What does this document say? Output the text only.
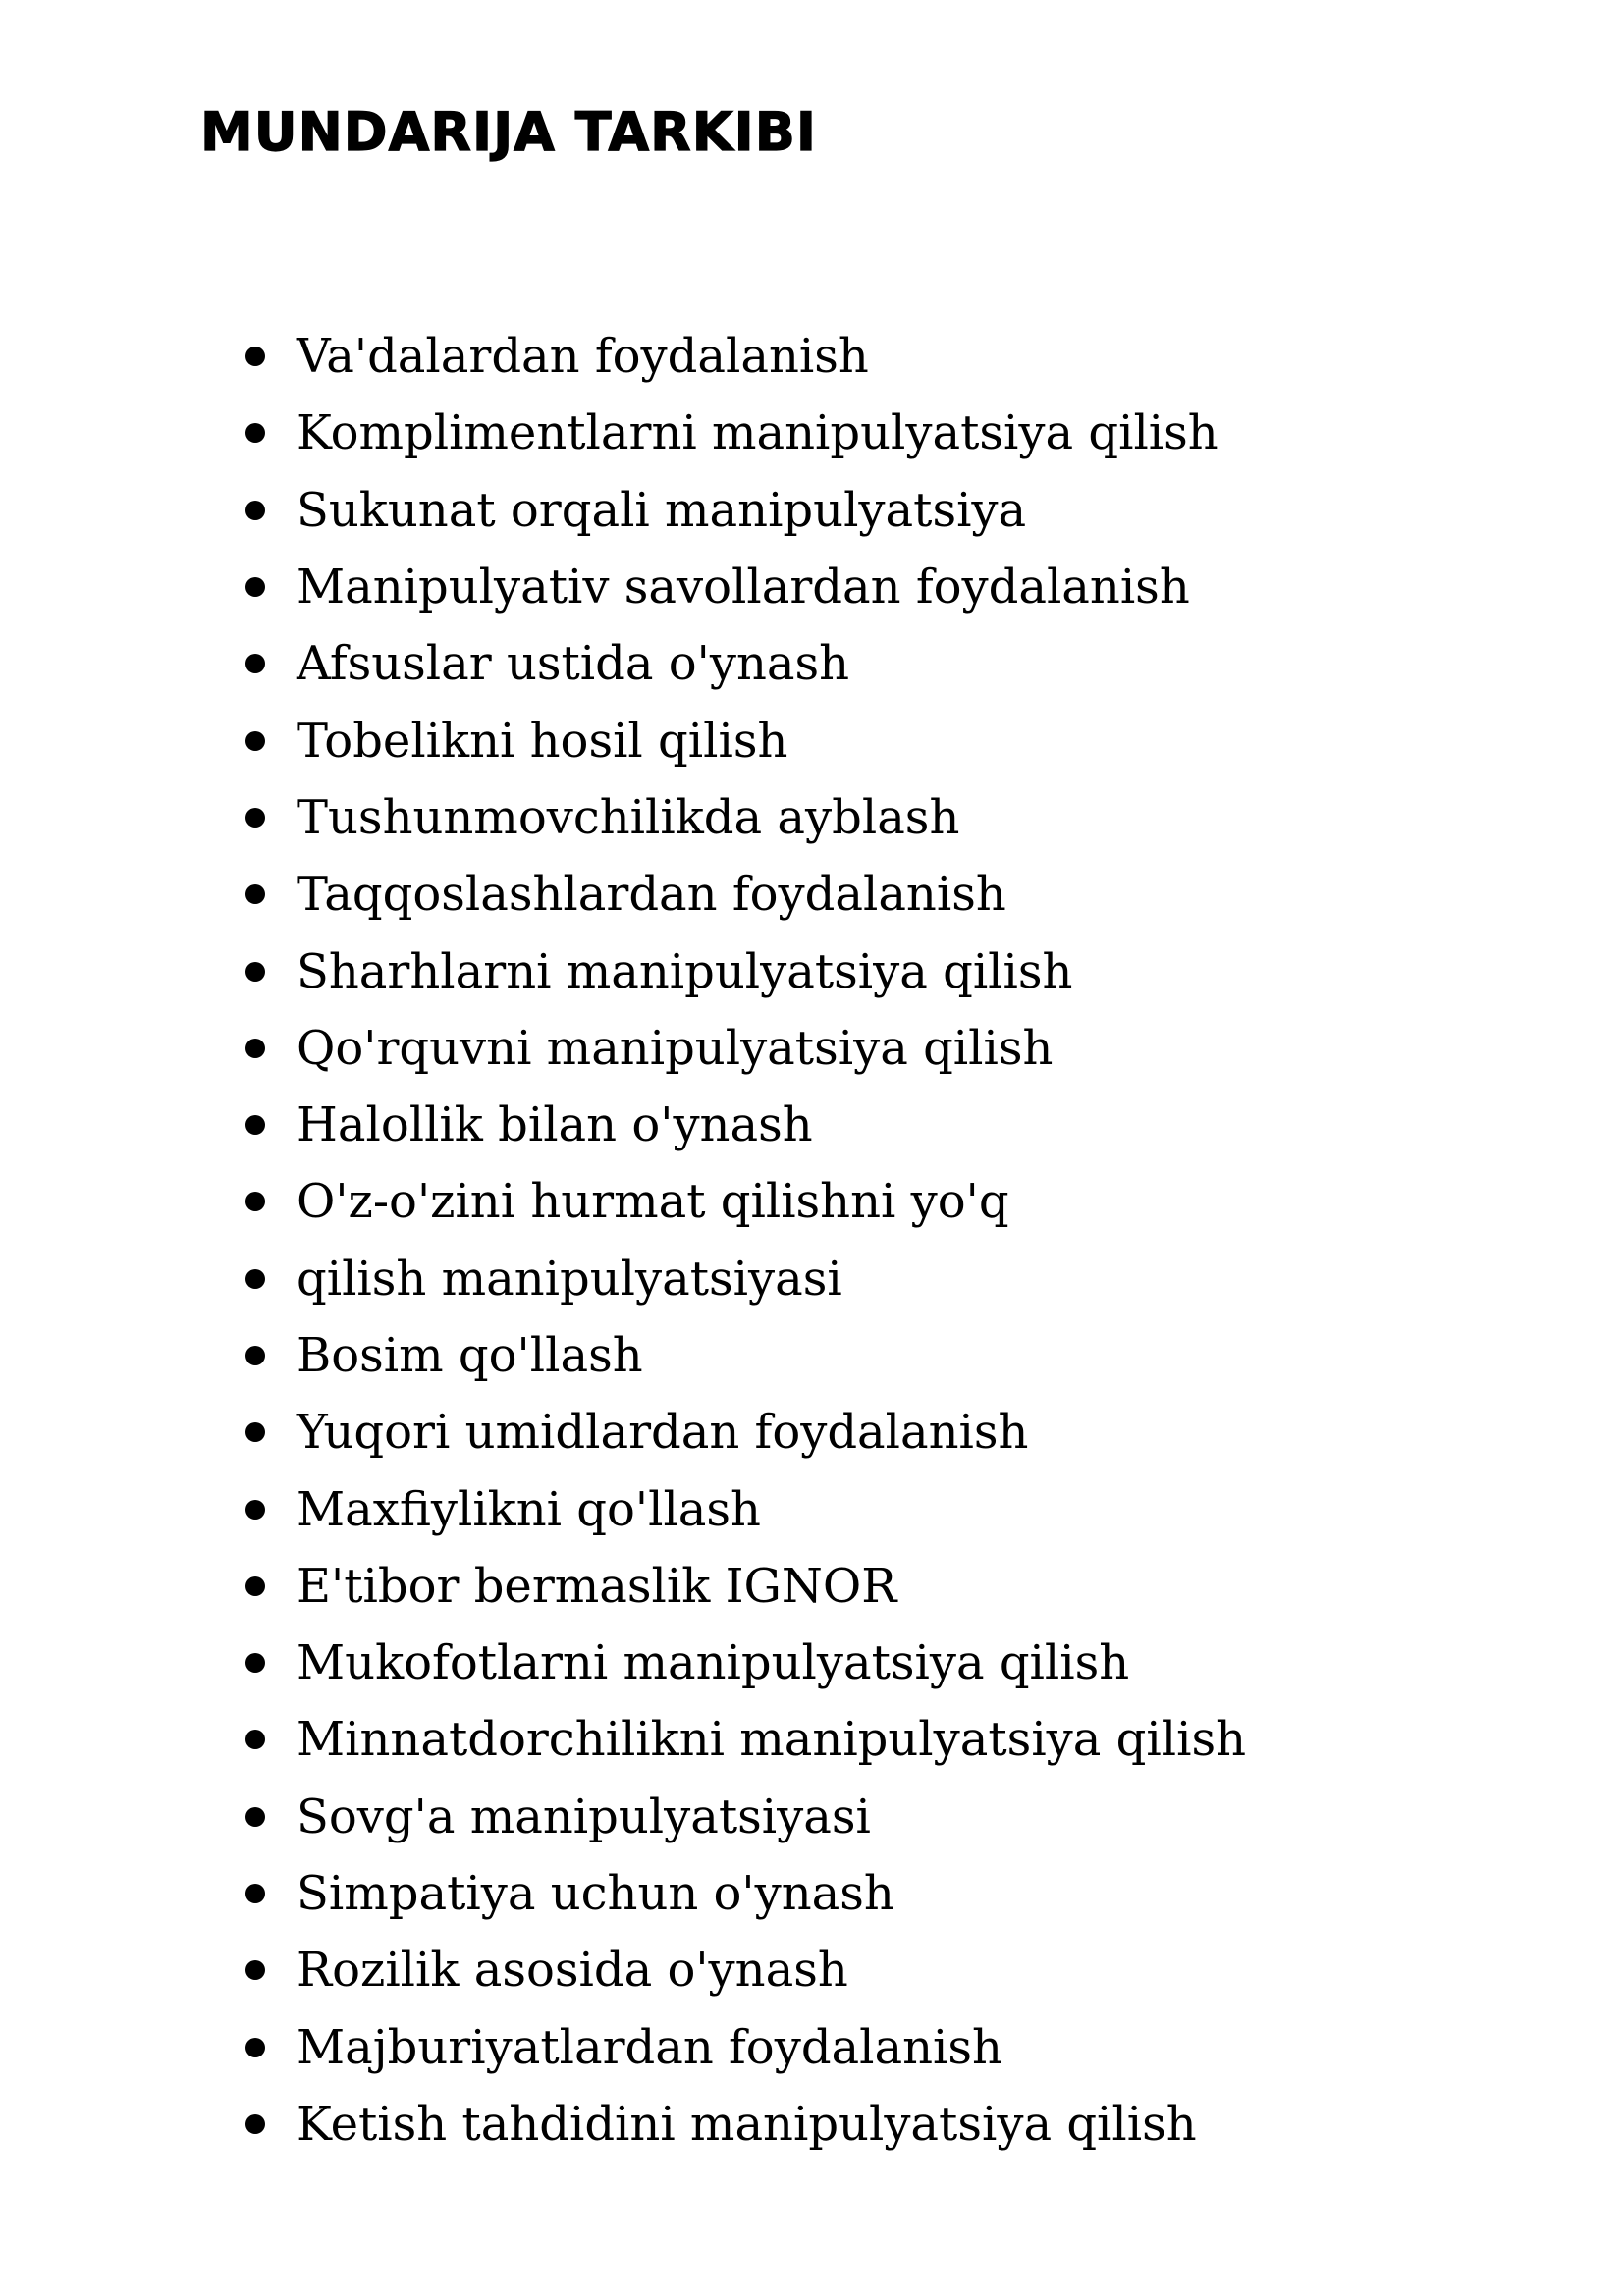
MUNDARIJA TARKIBI
Va'dalardan foydalanish
Komplimentlarni manipulyatsiya qilish
Sukunat orqali manipulyatsiya
Manipulyativ savollardan foydalanish
Afsuslar ustida o'ynash
Tobelikni hosil qilish
Tushunmovchilikda ayblash
Taqqoslashlardan foydalanish
Sharhlarni manipulyatsiya qilish
Qo'rquvni manipulyatsiya qilish
Halollik bilan o'ynash
O'z-o'zini hurmat qilishni yo'q
qilish manipulyatsiyasi
Bosim qo'llash
Yuqori umidlardan foydalanish
Maxfiylikni qo'llash
E'tibor bermaslik IGNOR
Mukofotlarni manipulyatsiya qilish
Minnatdorchilikni manipulyatsiya qilish
Sovg'a manipulyatsiyasi
Simpatiya uchun o'ynash
Rozilik asosida o'ynash
Majburiyatlardan foydalanish
Ketish tahdidini manipulyatsiya qilish
